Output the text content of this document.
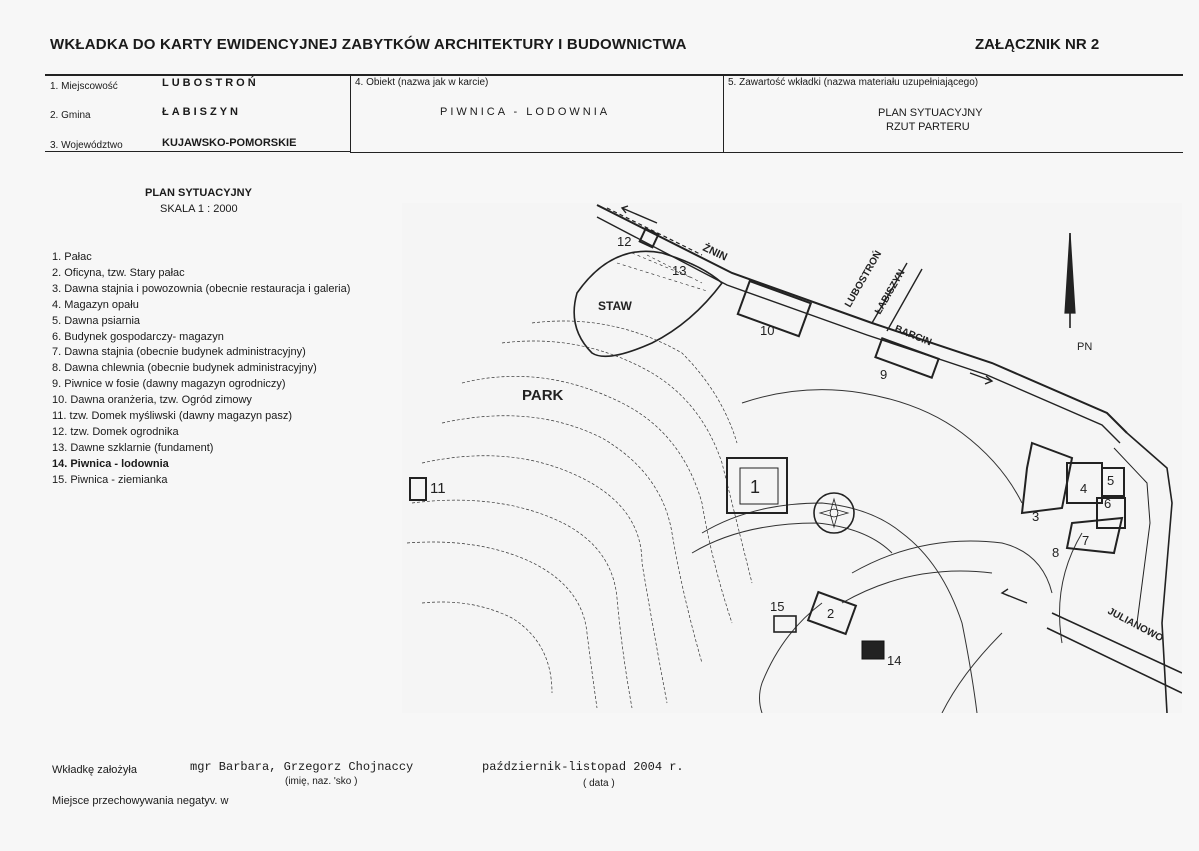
WKŁADKA DO KARTY EWIDENCYJNEJ ZABYTKÓW ARCHITEKTURY I BUDOWNICTWA	ZAŁĄCZNIK NR 2
1. Miejscowość	LUBOSTROŃ
2. Gmina	ŁABISZYN
3. Województwo	KUJAWSKO-POMORSKIE
4. Obiekt (nazwa jak w karcie)
PIWNICA - LODOWNIA
5. Zawartość wkładki (nazwa materiału uzupełniającego)
PLAN SYTUACYJNY
RZUT PARTERU
PLAN SYTUACYJNY
SKALA 1 : 2000
1. Pałac
2. Oficyna, tzw. Stary pałac
3. Dawna stajnia i powozownia (obecnie restauracja i galeria)
4. Magazyn opału
5. Dawna psiarnia
6. Budynek gospodarczy- magazyn
7. Dawna stajnia (obecnie budynek administracyjny)
8. Dawna chlewnia (obecnie budynek administracyjny)
9. Piwnice w fosie (dawny magazyn ogrodniczy)
10. Dawna oranżeria, tzw. Ogród zimowy
11. tzw. Domek myśliwski (dawny magazyn pasz)
12. tzw. Domek ogrodnika
13. Dawne szklarnie (fundament)
14. Piwnica - lodownia
15. Piwnica - ziemianka
PN
STAW
PARK
ŻNIN	LUBOSTROŃ
ŁABISZYN
BARCIN
JULIANOWO
1
2
3
4
5
6
7
8
9
10
11
12
13
14
15
Wkładkę założyła	mgr Barbara, Grzegorz Chojnaccy
(imię, naz. 'sko )
październik-listopad 2004 r.
( data )
Miejsce przechowywania negatyv. w
